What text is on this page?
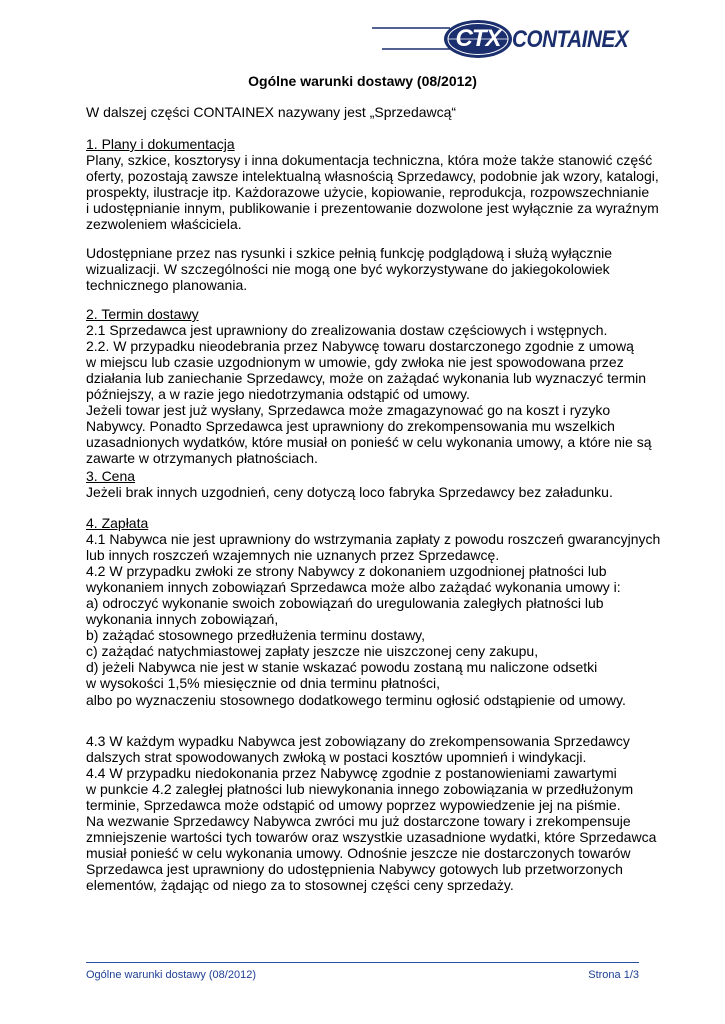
CTX CONTAINEX
Ogólne warunki dostawy (08/2012)
W dalszej części CONTAINEX nazywany jest „Sprzedawcą“
1. Plany i dokumentacja
Plany, szkice, kosztorysy i inna dokumentacja techniczna, która może także stanowić część
oferty, pozostają zawsze intelektualną własnością Sprzedawcy, podobnie jak wzory, katalogi,
prospekty, ilustracje itp. Każdorazowe użycie, kopiowanie, reprodukcja, rozpowszechnianie
i udostępnianie innym, publikowanie i prezentowanie dozwolone jest wyłącznie za wyraźnym
zezwoleniem właściciela.
Udostępniane przez nas rysunki i szkice pełnią funkcję podglądową i służą wyłącznie
wizualizacji. W szczególności nie mogą one być wykorzystywane do jakiegokolowiek
technicznego planowania.
2. Termin dostawy
2.1 Sprzedawca jest uprawniony do zrealizowania dostaw częściowych i wstępnych.
2.2. W przypadku nieodebrania przez Nabywcę towaru dostarczonego zgodnie z umową
w miejscu lub czasie uzgodnionym w umowie, gdy zwłoka nie jest spowodowana przez
działania lub zaniechanie Sprzedawcy, może on zażądać wykonania lub wyznaczyć termin
późniejszy, a w razie jego niedotrzymania odstąpić od umowy.
Jeżeli towar jest już wysłany, Sprzedawca może zmagazynować go na koszt i ryzyko
Nabywcy. Ponadto Sprzedawca jest uprawniony do zrekompensowania mu wszelkich
uzasadnionych wydatków, które musiał on ponieść w celu wykonania umowy, a które nie są
zawarte w otrzymanych płatnościach.
3. Cena
Jeżeli brak innych uzgodnień, ceny dotyczą loco fabryka Sprzedawcy bez załadunku.
4. Zapłata
4.1 Nabywca nie jest uprawniony do wstrzymania zapłaty z powodu roszczeń gwarancyjnych
lub innych roszczeń wzajemnych nie uznanych przez Sprzedawcę.
4.2 W przypadku zwłoki ze strony Nabywcy z dokonaniem uzgodnionej płatności lub
wykonaniem innych zobowiązań Sprzedawca może albo zażądać wykonania umowy i:
a) odroczyć wykonanie swoich zobowiązań do uregulowania zaległych płatności lub
wykonania innych zobowiązań,
b) zażądać stosownego przedłużenia terminu dostawy,
c) zażądać natychmiastowej zapłaty jeszcze nie uiszczonej ceny zakupu,
d) jeżeli Nabywca nie jest w stanie wskazać powodu zostaną mu naliczone odsetki
w wysokości 1,5% miesięcznie od dnia terminu płatności,
albo po wyznaczeniu stosownego dodatkowego terminu ogłosić odstąpienie od umowy.
4.3 W każdym wypadku Nabywca jest zobowiązany do zrekompensowania Sprzedawcy
dalszych strat spowodowanych zwłoką w postaci kosztów upomnień i windykacji.
4.4 W przypadku niedokonania przez Nabywcę zgodnie z postanowieniami zawartymi
w punkcie 4.2 zaległej płatności lub niewykonania innego zobowiązania w przedłużonym
terminie, Sprzedawca może odstąpić od umowy poprzez wypowiedzenie jej na piśmie.
Na wezwanie Sprzedawcy Nabywca zwróci mu już dostarczone towary i zrekompensuje
zmniejszenie wartości tych towarów oraz wszystkie uzasadnione wydatki, które Sprzedawca
musiał ponieść w celu wykonania umowy. Odnośnie jeszcze nie dostarczonych towarów
Sprzedawca jest uprawniony do udostępnienia Nabywcy gotowych lub przetworzonych
elementów, żądając od niego za to stosownej części ceny sprzedaży.
Ogólne warunki dostawy (08/2012)	Strona 1/3
